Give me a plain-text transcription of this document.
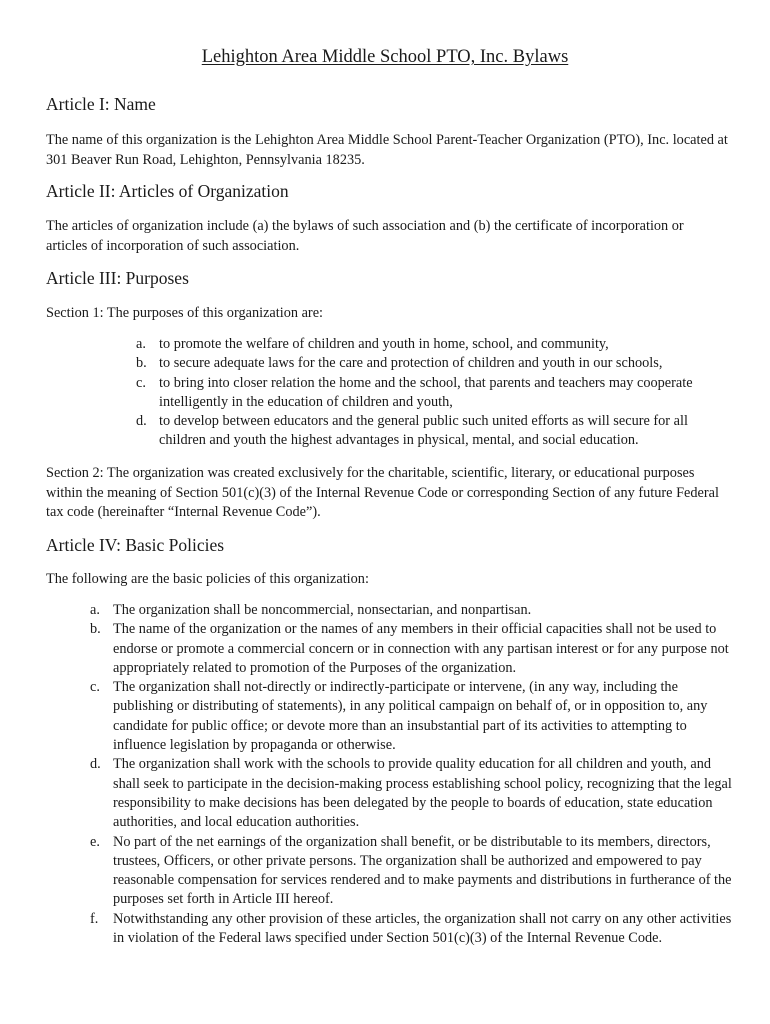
Lehighton Area Middle School PTO, Inc. Bylaws
Article I: Name

The name of this organization is the Lehighton Area Middle School Parent-Teacher Organization (PTO), Inc. located at 301 Beaver Run Road, Lehighton, Pennsylvania 18235.

Article II: Articles of Organization

The articles of organization include (a) the bylaws of such association and (b) the certificate of incorporation or articles of incorporation of such association.

Article III: Purposes

Section 1: The purposes of this organization are:

a. to promote the welfare of children and youth in home, school, and community,
b. to secure adequate laws for the care and protection of children and youth in our schools,
c. to bring into closer relation the home and the school, that parents and teachers may cooperate intelligently in the education of children and youth,
d. to develop between educators and the general public such united efforts as will secure for all children and youth the highest advantages in physical, mental, and social education.

Section 2: The organization was created exclusively for the charitable, scientific, literary, or educational purposes within the meaning of Section 501(c)(3) of the Internal Revenue Code or corresponding Section of any future Federal tax code (hereinafter “Internal Revenue Code”).

Article IV: Basic Policies

The following are the basic policies of this organization:

a. The organization shall be noncommercial, nonsectarian, and nonpartisan.
b. The name of the organization or the names of any members in their official capacities shall not be used to endorse or promote a commercial concern or in connection with any partisan interest or for any purpose not appropriately related to promotion of the Purposes of the organization.
c. The organization shall not-directly or indirectly-participate or intervene, (in any way, including the publishing or distributing of statements), in any political campaign on behalf of, or in opposition to, any candidate for public office; or devote more than an insubstantial part of its activities to attempting to influence legislation by propaganda or otherwise.
d. The organization shall work with the schools to provide quality education for all children and youth, and shall seek to participate in the decision-making process establishing school policy, recognizing that the legal responsibility to make decisions has been delegated by the people to boards of education, state education authorities, and local education authorities.
e. No part of the net earnings of the organization shall benefit, or be distributable to its members, directors, trustees, Officers, or other private persons. The organization shall be authorized and empowered to pay reasonable compensation for services rendered and to make payments and distributions in furtherance of the purposes set forth in Article III hereof.
f. Notwithstanding any other provision of these articles, the organization shall not carry on any other activities in violation of the Federal laws specified under Section 501(c)(3) of the Internal Revenue Code.
